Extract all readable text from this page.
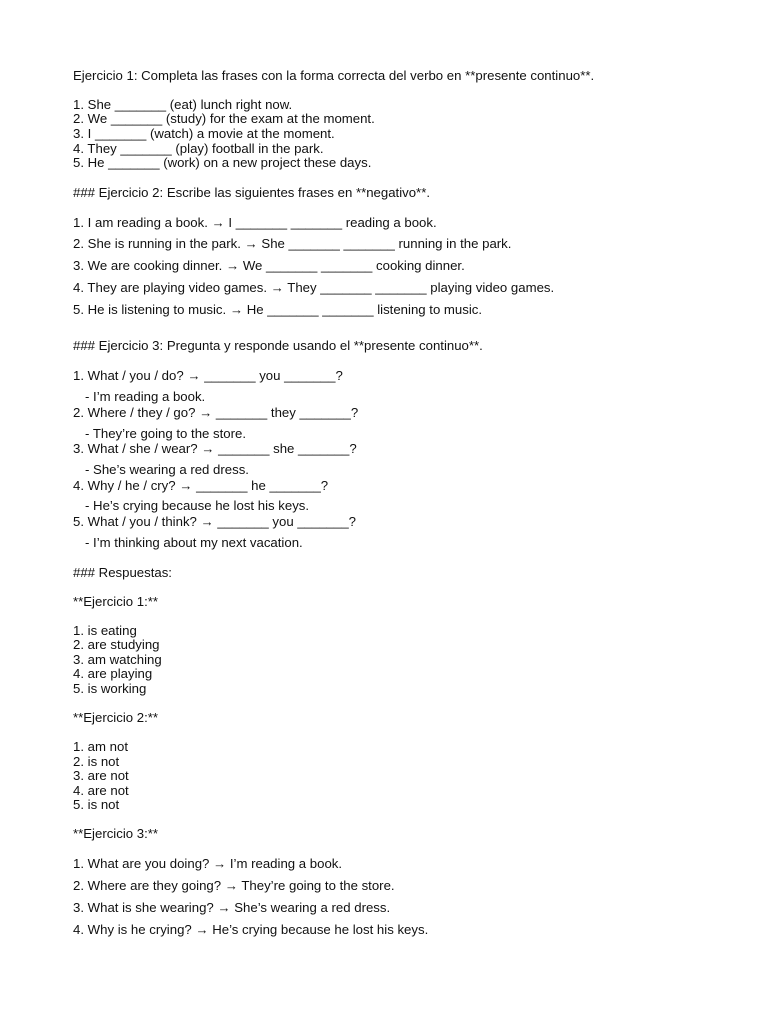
Ejercicio 1: Completa las frases con la forma correcta del verbo en **presente continuo**.
1. She _______ (eat) lunch right now.
2. We _______ (study) for the exam at the moment.
3. I _______ (watch) a movie at the moment.
4. They _______ (play) football in the park.
5. He _______ (work) on a new project these days.
### Ejercicio 2: Escribe las siguientes frases en **negativo**.
1. I am reading a book. → I _______ _______ reading a book.
2. She is running in the park. → She _______ _______ running in the park.
3. We are cooking dinner. → We _______ _______ cooking dinner.
4. They are playing video games. → They _______ _______ playing video games.
5. He is listening to music. → He _______ _______ listening to music.
### Ejercicio 3: Pregunta y responde usando el **presente continuo**.
1. What / you / do? → _______ you _______?
- I’m reading a book.
2. Where / they / go? → _______ they _______?
- They’re going to the store.
3. What / she / wear? → _______ she _______?
- She’s wearing a red dress.
4. Why / he / cry? → _______ he _______?
- He’s crying because he lost his keys.
5. What / you / think? → _______ you _______?
- I’m thinking about my next vacation.
### Respuestas:
**Ejercicio 1:**
1. is eating
2. are studying
3. am watching
4. are playing
5. is working
**Ejercicio 2:**
1. am not
2. is not
3. are not
4. are not
5. is not
**Ejercicio 3:**
1. What are you doing? → I’m reading a book.
2. Where are they going? → They’re going to the store.
3. What is she wearing? → She’s wearing a red dress.
4. Why is he crying? → He’s crying because he lost his keys.
